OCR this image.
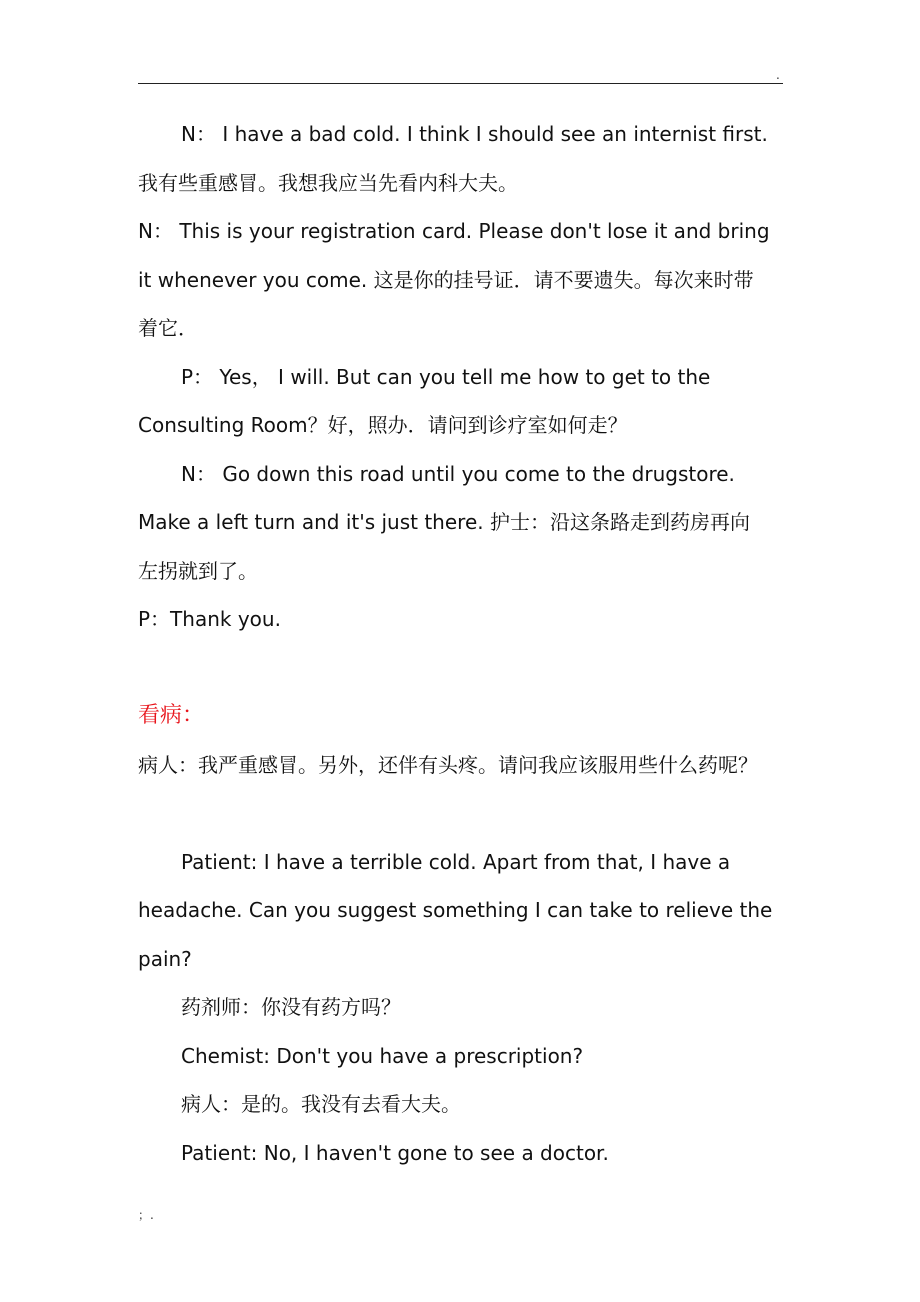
.
N： I have a bad cold. I think I should see an internist first.
我有些重感冒。我想我应当先看内科大夫。
N： This is your registration card. Please don't lose it and bring
it whenever you come. 这是你的挂号证．请不要遗失。每次来时带
着它．
P： Yes， I will. But can you tell me how to get to the
Consulting Room？好，照办．请问到诊疗室如何走？
N： Go down this road until you come to the drugstore.
Make a left turn and it's just there. 护士：沿这条路走到药房再向
左拐就到了。
P：Thank you.
看病：
病人：我严重感冒。另外，还伴有头疼。请问我应该服用些什么药呢？
Patient: I have a terrible cold. Apart from that, I have a
headache. Can you suggest something I can take to relieve the
pain?
药剂师：你没有药方吗？
Chemist: Don't you have a prescription?
病人：是的。我没有去看大夫。
Patient: No, I haven't gone to see a doctor.
；.
